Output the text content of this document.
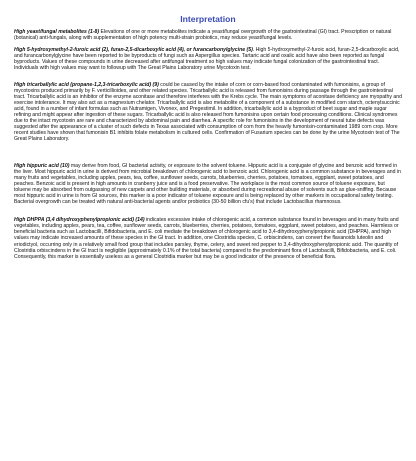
Interpretation

High yeast/fungal metabolites (1-8) Elevations of one or more metabolites indicate a yeast/fungal overgrowth of the gastrointestinal (GI) tract. Prescription or natural (botanical) anti-fungals, along with supplementation of high potency multi-strain probiotics, may reduce yeast/fungal levels.

High 5-hydroxymethyl-2-furoic acid (2), furan-2,5-dicarboxylic acid (4), or furancarbonylglycine (5). High 5-hydroxymethyl-2-furoic acid, furan-2,5-dicarboxylic acid, and furancarbonylglycine have been reported to be byproducts of fungi such as Aspergillus species. Tartaric acid and oxalic acid have also been reported as fungal byproducts. Values of these compounds in urine decreased after antifungal treatment so high values may indicate fungal colonization of the gastrointestinal tract. Individuals with high values may want to followup with The Great Plains Laboratory urine Mycotoxin test.

High tricarballylic acid (propane-1,2,3-tricarboxylic acid) (9) could be caused by the intake of corn or corn-based food contaminated with fumonisins, a group of mycotoxins produced primarily by F. verticillioides, and other related species. Tricarballylic acid is released from fumonisins during passage through the gastrointestinal tract. Tricarballylic acid is an inhibitor of the enzyme aconitase and therefore interferes with the Krebs cycle. The main symptoms of aconitase deficiency are myopathy and exercise intolerance. It may also act as a magnesium chelator. Tricarballylic acid is also metabolite of a component of a substance in modified corn starch, octenylsuccinic acid, found in a number of infant formulas such as Nutramigen, Vivonex, and Pregestimil. In addition, tricarballylic acid is a byproduct of beet sugar and maple sugar refining and might appear after ingestion of these sugars. Tricarballylic acid is also released from fumonisins upon certain food processing conditions. Clinical syndromes due to the intact mycotoxin are rare and characterized by abdominal pain and diarrhea. A specific role for fumonisins in the development of neural tube defects was suggested after the appearance of a cluster of such defects in Texas associated with consumption of corn from the heavily fumonisin-contaminated 1989 corn crop. More recent studies have shown that fumonisin B1 inhibits folate metabolism in cultured cells. Confirmation of Fusarium species can be done by the urine Mycotoxin test of The Great Plains Laboratory.

High hippuric acid (10) may derive from food, GI bacterial activity, or exposure to the solvent toluene. Hippuric acid is a conjugate of glycine and benzoic acid formed in the liver. Most hippuric acid in urine is derived from microbial breakdown of chlorogenic acid to benzoic acid. Chlorogenic acid is a common substance in beverages and in many fruits and vegetables, including apples, pears, tea, coffee, sunflower seeds, carrots, blueberries, cherries, potatoes, tomatoes, eggplant, sweet potatoes, and peaches. Benzoic acid is present in high amounts in cranberry juice and is a food preservative. The workplace is the most common source of toluene exposure, but toluene may be absorbed from outgassing of new carpets and other building materials, or absorbed during recreational abuse of solvents such as glue-sniffing. Because most hippuric acid in urine is from GI sources, this marker is a poor indicator of toluene exposure and is being replaced by other markers in occupational safety testing. Bacterial overgrowth can be treated with natural anti-bacterial agents and/or probiotics (30-50 billion cfu's) that include Lactobacillus rhamnosus.

High DHPPA (3,4 dihydroxyphenylpropionic acid) (14) indicates excessive intake of chlorogenic acid, a common substance found in beverages and in many fruits and vegetables, including apples, pears, tea, coffee, sunflower seeds, carrots, blueberries, cherries, potatoes, tomatoes, eggplant, sweet potatoes, and peaches. Harmless or beneficial bacteria such as Lactobacilli, Bifidobacteria, and E. coli mediate the breakdown of chlorogenic acid to 3,4-dihydroxyphenylpropionic acid (DHPPA), and high values may indicate increased amounts of these species in the GI tract. In addition, one Clostridia species, C. orbiscindens, can convert the flavanoids luteolin and eriodictyol, occurring only in a relatively small food group that includes parsley, thyme, celery, and sweet red pepper to 3,4-dihydroxyphenylpropionic acid. The quantity of Clostridia orbiscindens in the GI tract is negligible (approximately 0.1% of the total bacteria) compared to the predominant flora of Lactobacilli, Bifidobacteria, and E. coli. Consequently, this marker is essentially useless as a general Clostridia marker but may be a good indicator of the presence of beneficial flora.
